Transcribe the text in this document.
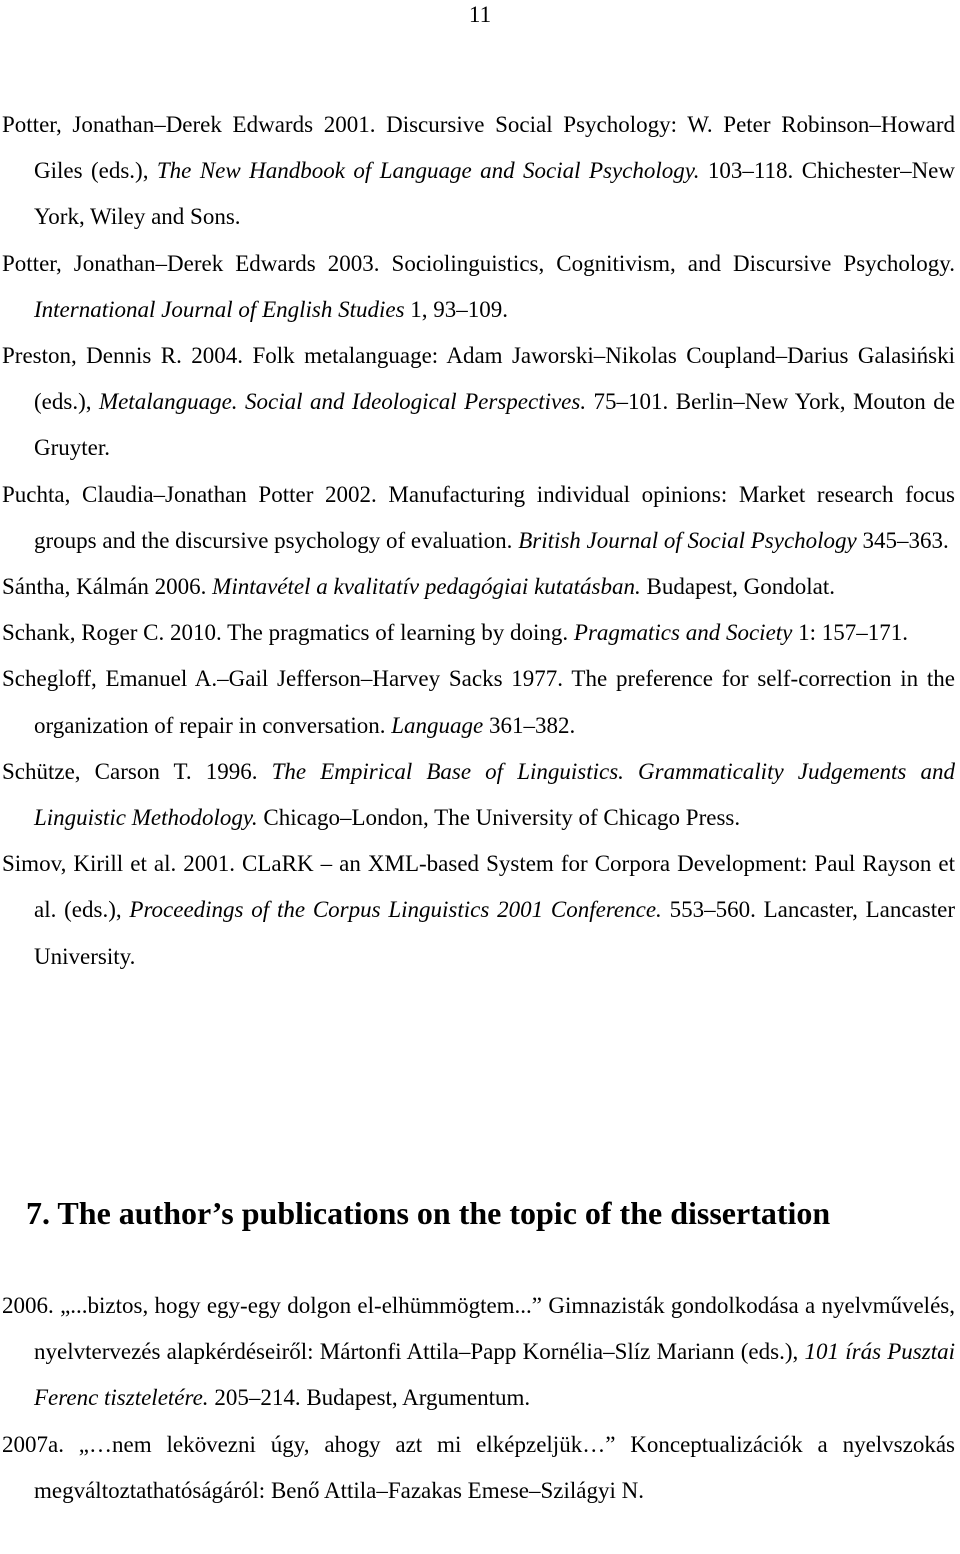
11

Potter, Jonathan–Derek Edwards 2001. Discursive Social Psychology: W. Peter Robinson–Howard Giles (eds.), The New Handbook of Language and Social Psychology. 103–118. Chichester–New York, Wiley and Sons.

Potter, Jonathan–Derek Edwards 2003. Sociolinguistics, Cognitivism, and Discursive Psychology. International Journal of English Studies 1, 93–109.

Preston, Dennis R. 2004. Folk metalanguage: Adam Jaworski–Nikolas Coupland–Darius Galasiński (eds.), Metalanguage. Social and Ideological Perspectives. 75–101. Berlin–New York, Mouton de Gruyter.

Puchta, Claudia–Jonathan Potter 2002. Manufacturing individual opinions: Market research focus groups and the discursive psychology of evaluation. British Journal of Social Psychology 345–363.

Sántha, Kálmán 2006. Mintavétel a kvalitatív pedagógiai kutatásban. Budapest, Gondolat.

Schank, Roger C. 2010. The pragmatics of learning by doing. Pragmatics and Society 1: 157–171.

Schegloff, Emanuel A.–Gail Jefferson–Harvey Sacks 1977. The preference for self-correction in the organization of repair in conversation. Language 361–382.

Schütze, Carson T. 1996. The Empirical Base of Linguistics. Grammaticality Judgements and Linguistic Methodology. Chicago–London, The University of Chicago Press.

Simov, Kirill et al. 2001. CLaRK – an XML-based System for Corpora Development: Paul Rayson et al. (eds.), Proceedings of the Corpus Linguistics 2001 Conference. 553–560. Lancaster, Lancaster University.

7. The author’s publications on the topic of the dissertation

2006. „...biztos, hogy egy-egy dolgon el-elhümmögtem...” Gimnazisták gondolkodása a nyelvművelés, nyelvtervezés alapkérdéseiről: Mártonfi Attila–Papp Kornélia–Slíz Mariann (eds.), 101 írás Pusztai Ferenc tiszteletére. 205–214. Budapest, Argumentum.

2007a. „…nem lekövezni úgy, ahogy azt mi elképzeljük…” Konceptualizációk a nyelvszokás megváltoztathatóságáról: Benő Attila–Fazakas Emese–Szilágyi N.
